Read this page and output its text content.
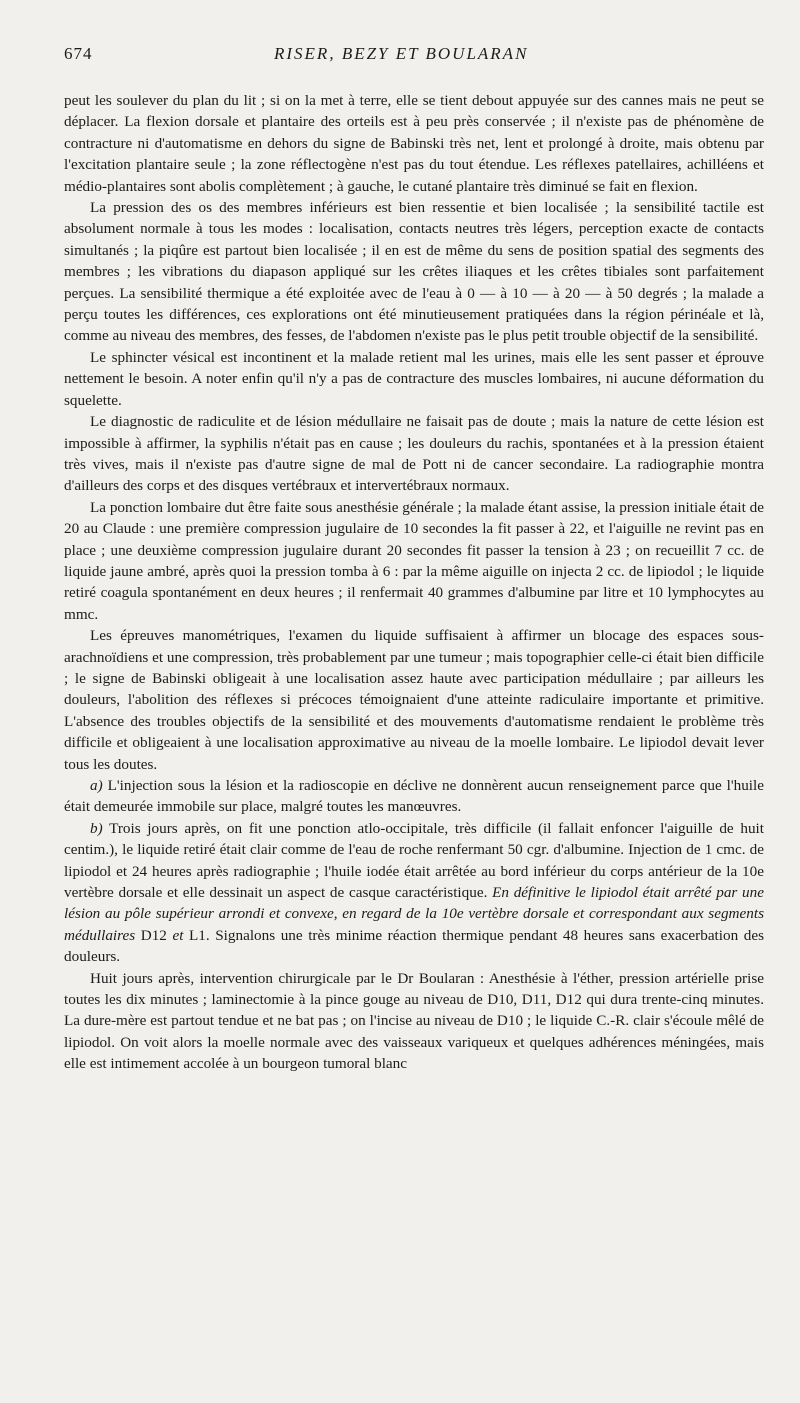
674	RISER, BEZY ET BOULARAN

peut les soulever du plan du lit ; si on la met à terre, elle se tient debout appuyée sur des cannes mais ne peut se déplacer. La flexion dorsale et plantaire des orteils est à peu près conservée ; il n'existe pas de phénomène de contracture ni d'automatisme en dehors du signe de Babinski très net, lent et prolongé à droite, mais obtenu par l'excitation plantaire seule ; la zone réflectogène n'est pas du tout étendue. Les réflexes patellaires, achilléens et médio-plantaires sont abolis complètement ; à gauche, le cutané plantaire très diminué se fait en flexion.

La pression des os des membres inférieurs est bien ressentie et bien localisée ; la sensibilité tactile est absolument normale à tous les modes : localisation, contacts neutres très légers, perception exacte de contacts simultanés ; la piqûre est partout bien localisée ; il en est de même du sens de position spatial des segments des membres ; les vibrations du diapason appliqué sur les crêtes iliaques et les crêtes tibiales sont parfaitement perçues. La sensibilité thermique a été exploitée avec de l'eau à 0 — à 10 — à 20 — à 50 degrés ; la malade a perçu toutes les différences, ces explorations ont été minutieusement pratiquées dans la région périnéale et là, comme au niveau des membres, des fesses, de l'abdomen n'existe pas le plus petit trouble objectif de la sensibilité.

Le sphincter vésical est incontinent et la malade retient mal les urines, mais elle les sent passer et éprouve nettement le besoin. A noter enfin qu'il n'y a pas de contracture des muscles lombaires, ni aucune déformation du squelette.

Le diagnostic de radiculite et de lésion médullaire ne faisait pas de doute ; mais la nature de cette lésion est impossible à affirmer, la syphilis n'était pas en cause ; les douleurs du rachis, spontanées et à la pression étaient très vives, mais il n'existe pas d'autre signe de mal de Pott ni de cancer secondaire. La radiographie montra d'ailleurs des corps et des disques vertébraux et intervertébraux normaux.

La ponction lombaire dut être faite sous anesthésie générale ; la malade étant assise, la pression initiale était de 20 au Claude : une première compression jugulaire de 10 secondes la fit passer à 22, et l'aiguille ne revint pas en place ; une deuxième compression jugulaire durant 20 secondes fit passer la tension à 23 ; on recueillit 7 cc. de liquide jaune ambré, après quoi la pression tomba à 6 : par la même aiguille on injecta 2 cc. de lipiodol ; le liquide retiré coagula spontanément en deux heures ; il renfermait 40 grammes d'albumine par litre et 10 lymphocytes au mmc.

Les épreuves manométriques, l'examen du liquide suffisaient à affirmer un blocage des espaces sous-arachnoïdiens et une compression, très probablement par une tumeur ; mais topographier celle-ci était bien difficile ; le signe de Babinski obligeait à une localisation assez haute avec participation médullaire ; par ailleurs les douleurs, l'abolition des réflexes si précoces témoignaient d'une atteinte radiculaire importante et primitive. L'absence des troubles objectifs de la sensibilité et des mouvements d'automatisme rendaient le problème très difficile et obligeaient à une localisation approximative au niveau de la moelle lombaire. Le lipiodol devait lever tous les doutes.

a) L'injection sous la lésion et la radioscopie en déclive ne donnèrent aucun renseignement parce que l'huile était demeurée immobile sur place, malgré toutes les manœuvres.

b) Trois jours après, on fit une ponction atlo-occipitale, très difficile (il fallait enfoncer l'aiguille de huit centim.), le liquide retiré était clair comme de l'eau de roche renfermant 50 cgr. d'albumine. Injection de 1 cmc. de lipiodol et 24 heures après radiographie ; l'huile iodée était arrêtée au bord inférieur du corps antérieur de la 10e vertèbre dorsale et elle dessinait un aspect de casque caractéristique. En définitive le lipiodol était arrêté par une lésion au pôle supérieur arrondi et convexe, en regard de la 10e vertèbre dorsale et correspondant aux segments médullaires D12 et L1. Signalons une très minime réaction thermique pendant 48 heures sans exacerbation des douleurs.

Huit jours après, intervention chirurgicale par le Dr Boularan : Anesthésie à l'éther, pression artérielle prise toutes les dix minutes ; laminectomie à la pince gouge au niveau de D10, D11, D12 qui dura trente-cinq minutes. La dure-mère est partout tendue et ne bat pas ; on l'incise au niveau de D10 ; le liquide C.-R. clair s'écoule mêlé de lipiodol. On voit alors la moelle normale avec des vaisseaux variqueux et quelques adhérences méningées, mais elle est intimement accolée à un bourgeon tumoral blanc
